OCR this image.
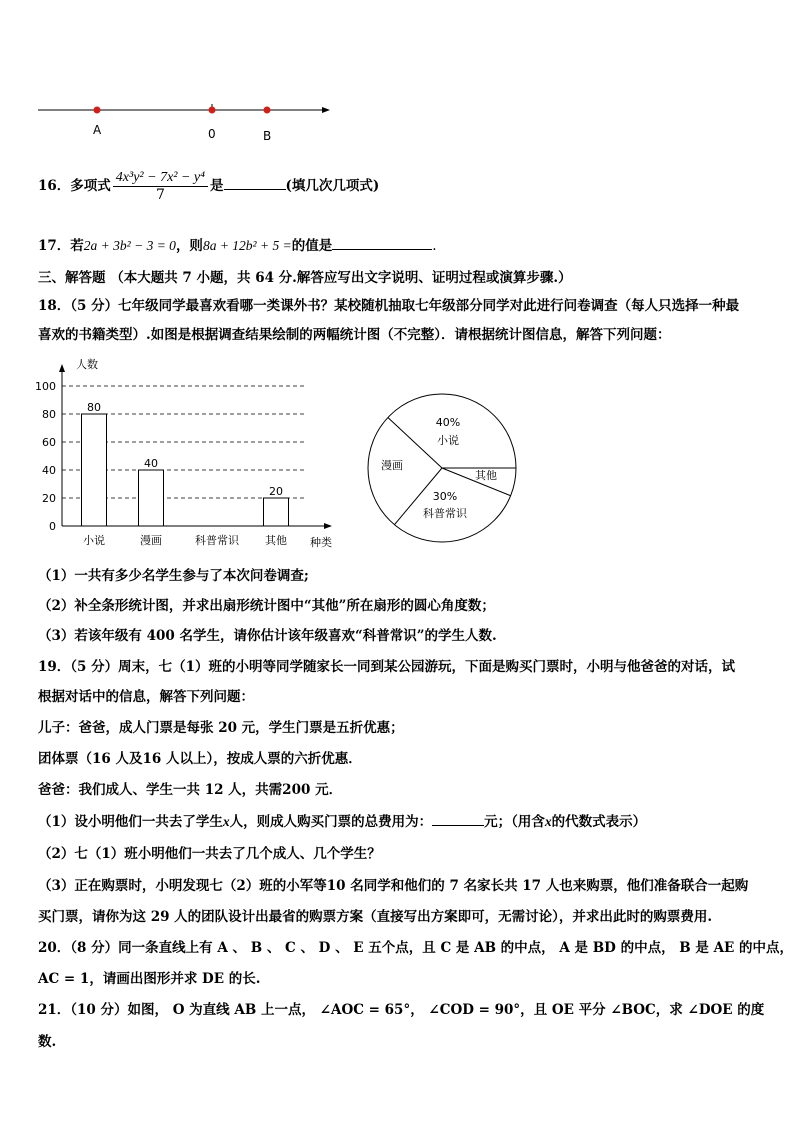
A	0	B
16．多项式 $\frac{\text{4x³y² − 7x² − y⁴}}{7}$ 是	(填几次几项式)
17．若2a + 3b² − 3 = 0，则8a + 12b² + 5 =的值是	.
三、解答题 （本大题共 7 小题，共 64 分.解答应写出文字说明、证明过程或演算步骤.）
18．（5 分）七年级同学最喜欢看哪一类课外书？某校随机抽取七年级部分同学对此进行问卷调查（每人只选择一种最
喜欢的书籍类型）.如图是根据调查结果绘制的两幅统计图（不完整）．请根据统计图信息，解答下列问题：
人数
种类
0
20
40
60
80
100
小说
80
漫画
40
科普常识 其他
20
40%
小说
其他
30%
科普常识
漫画
（1）一共有多少名学生参与了本次问卷调查;
（2）补全条形统计图，并求出扇形统计图中“其他”所在扇形的圆心角度数；
（3）若该年级有 400 名学生，请你估计该年级喜欢“科普常识”的学生人数.
19．（5 分）周末，七（1）班的小明等同学随家长一同到某公园游玩，下面是购买门票时，小明与他爸爸的对话，试
根据对话中的信息，解答下列问题：
儿子：爸爸，成人门票是每张 20 元，学生门票是五折优惠；
团体票（16 人及16 人以上），按成人票的六折优惠．
爸爸：我们成人、学生一共 12 人，共需200 元．
（1）设小明他们一共去了学生x人，则成人购买门票的总费用为：	元；（用含x的代数式表示）
（2）七（1）班小明他们一共去了几个成人、几个学生？
（3）正在购票时，小明发现七（2）班的小军等10 名同学和他们的 7 名家长共 17 人也来购票，他们准备联合一起购
买门票，请你为这 29 人的团队设计出最省的购票方案（直接写出方案即可，无需讨论），并求出此时的购票费用.
20．（8 分）同一条直线上有 A 、 B 、 C 、 D 、 E 五个点，且 C 是 AB 的中点， A 是 BD 的中点， B 是 AE 的中点，
AC = 1，请画出图形并求 DE 的长.
21．（10 分）如图， O 为直线 AB 上一点， ∠AOC = 65°， ∠COD = 90°，且 OE 平分 ∠BOC，求 ∠DOE 的度
数.
